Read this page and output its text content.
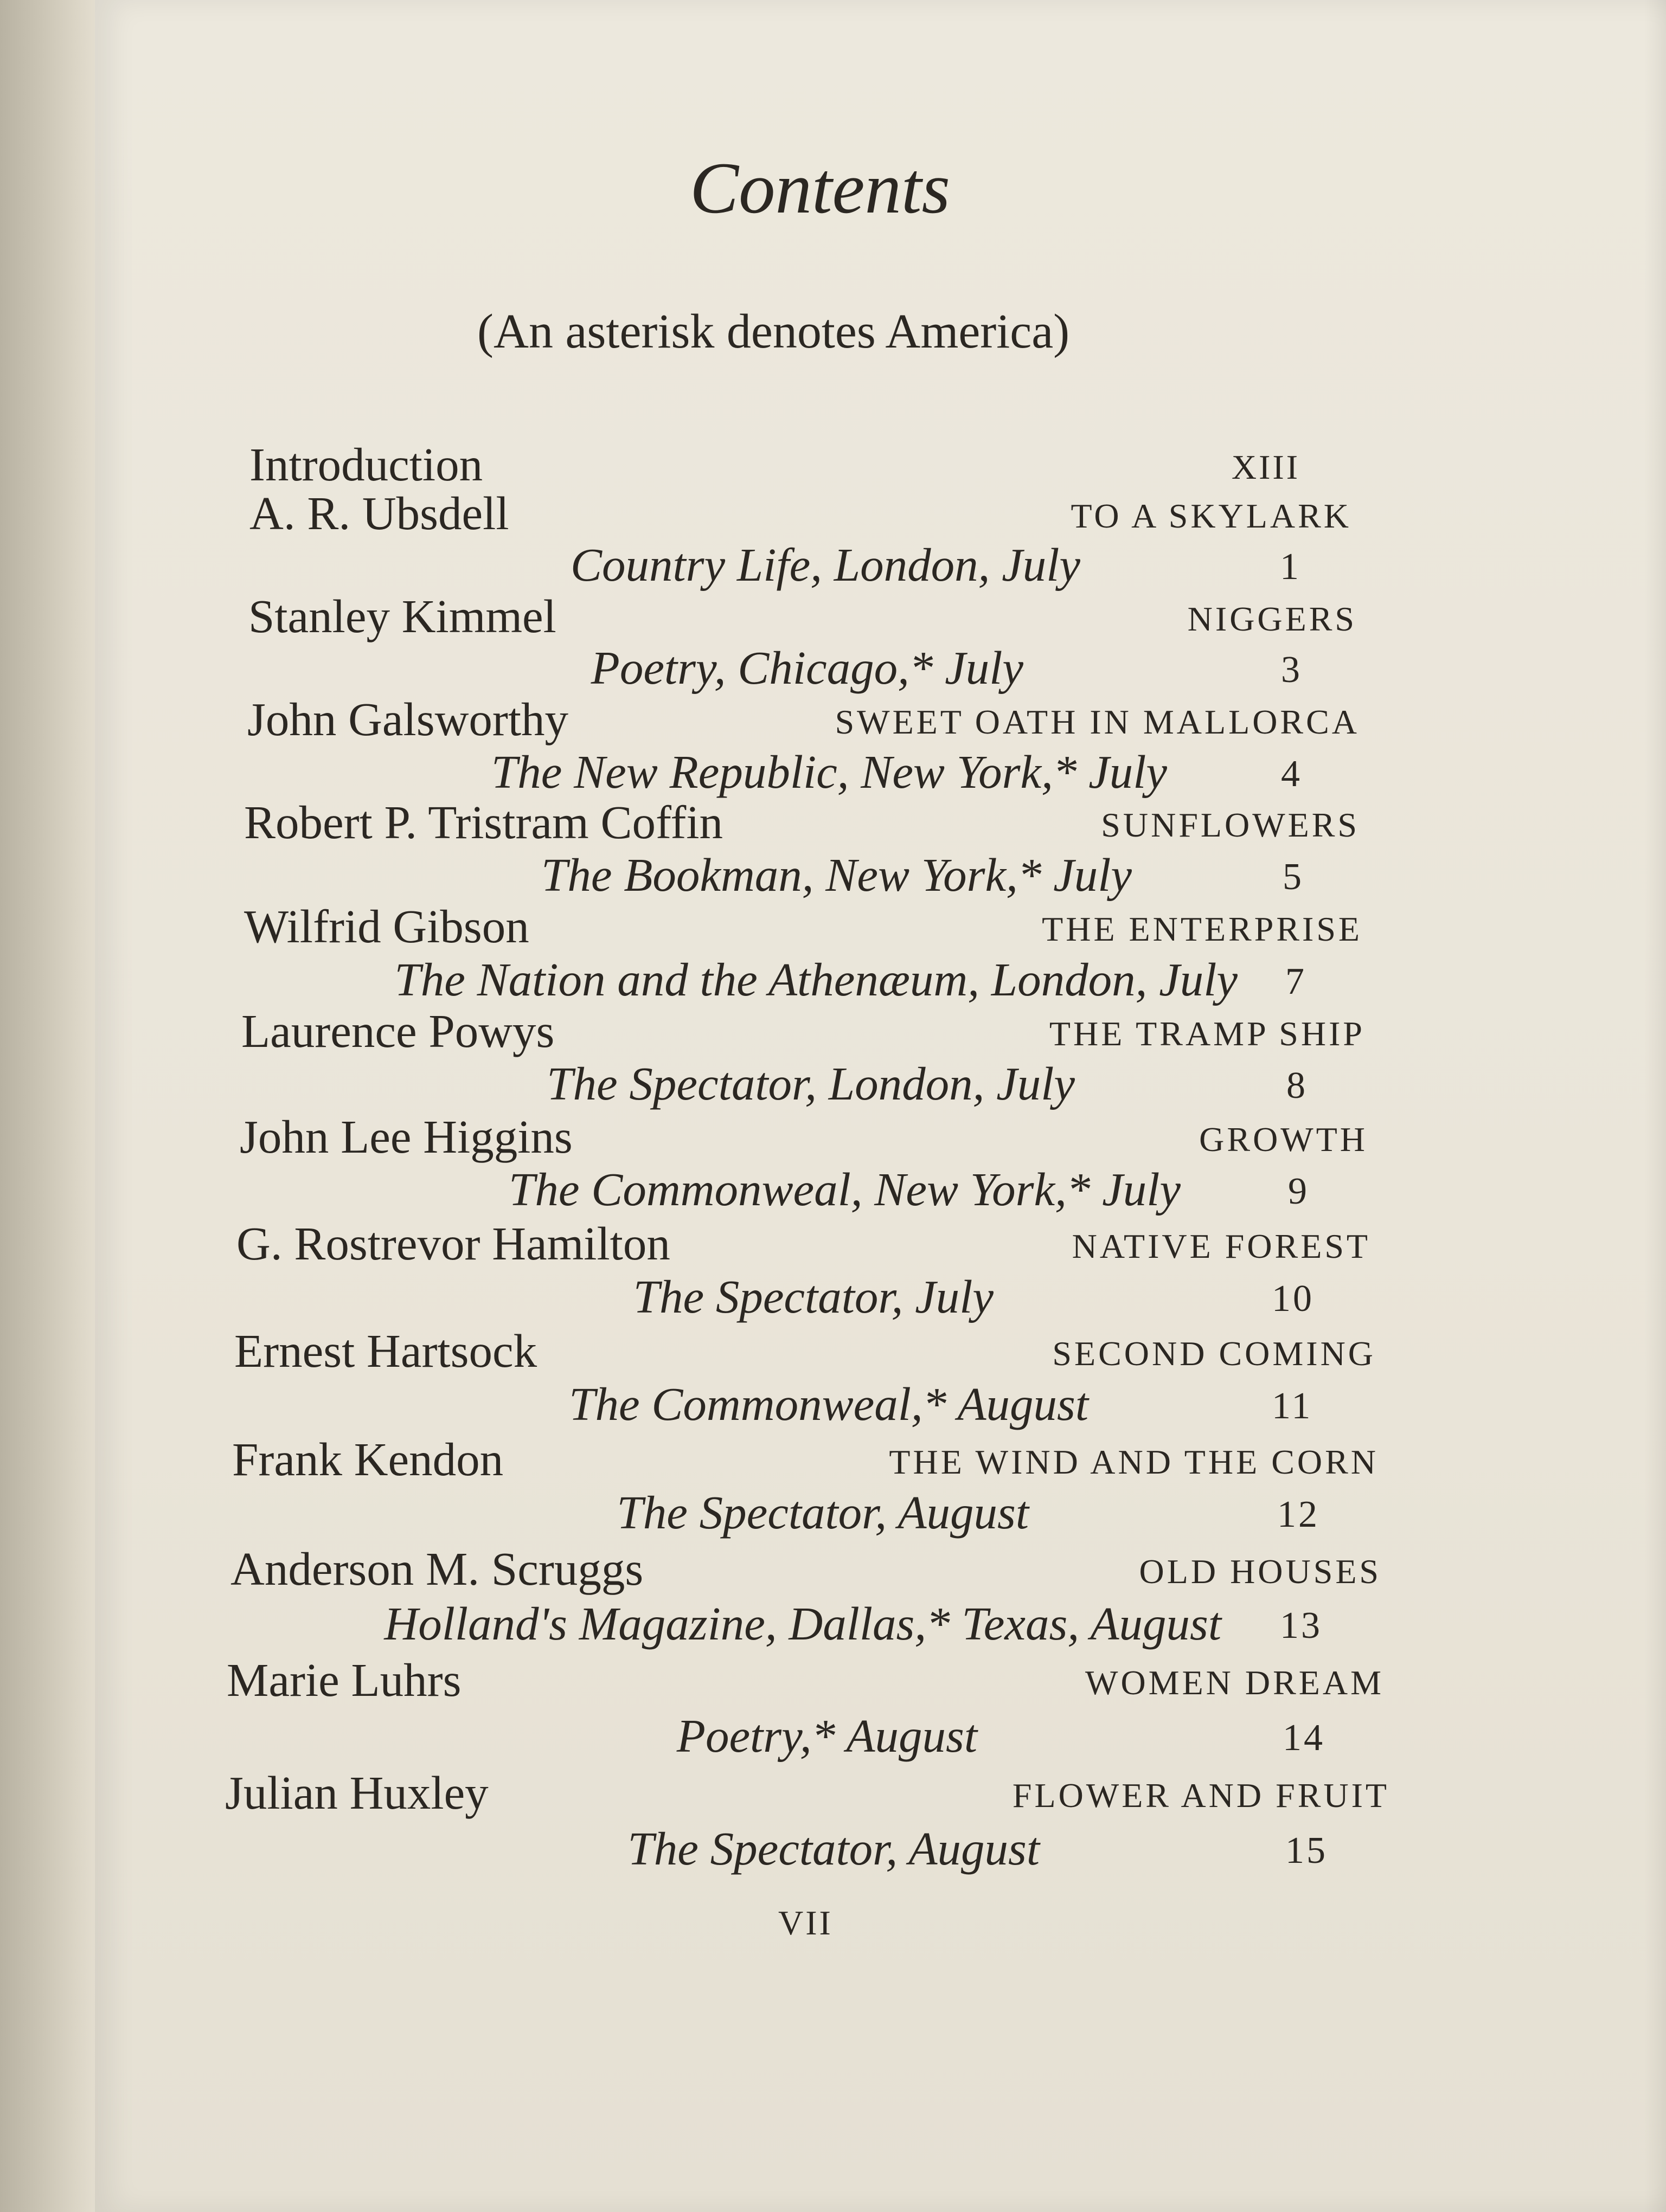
Contents
(An asterisk denotes America)
Introduction	XIII
A. R. Ubsdell	TO A SKYLARK
Country Life, London, July	1
Stanley Kimmel	NIGGERS
Poetry, Chicago,* July	3
John Galsworthy	SWEET OATH IN MALLORCA
The New Republic, New York,* July	4
Robert P. Tristram Coffin	SUNFLOWERS
The Bookman, New York,* July	5
Wilfrid Gibson	THE ENTERPRISE
The Nation and the Athenæum, London, July 7
Laurence Powys	THE TRAMP SHIP
The Spectator, London, July	8
John Lee Higgins	GROWTH
The Commonweal, New York,* July	9
G. Rostrevor Hamilton	NATIVE FOREST
The Spectator, July	10
Ernest Hartsock	SECOND COMING
The Commonweal,* August	11
Frank Kendon	THE WIND AND THE CORN
The Spectator, August	12
Anderson M. Scruggs	OLD HOUSES
Holland's Magazine, Dallas,* Texas, August 13
Marie Luhrs	WOMEN DREAM
Poetry,* August	14
Julian Huxley	FLOWER AND FRUIT
The Spectator, August	15
VII
